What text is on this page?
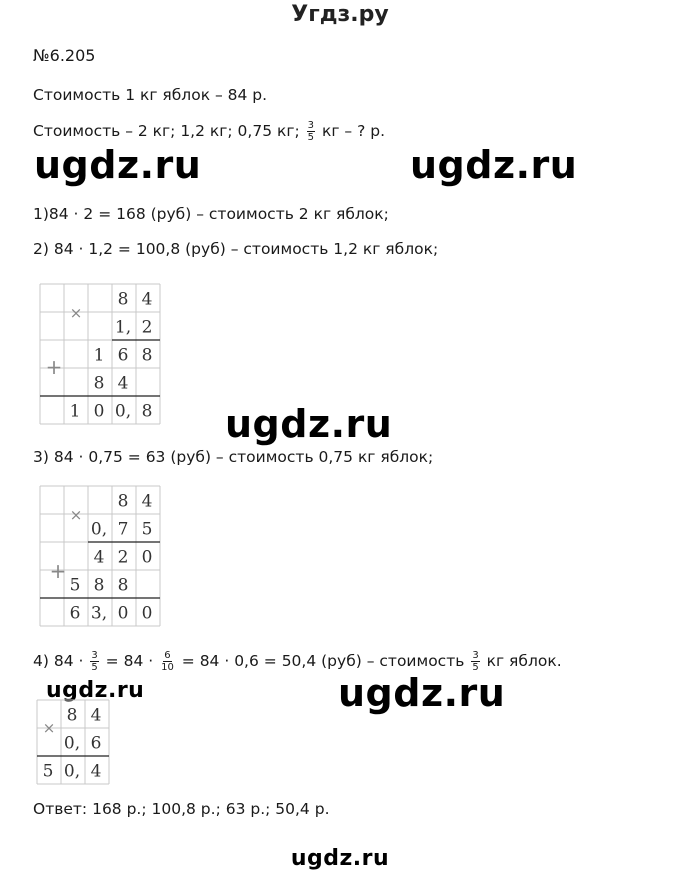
Угдз.ру
№6.205
Стоимость 1 кг яблок – 84 р.
Стоимость – 2 кг; 1,2 кг; 0,75 кг; $\frac{3}{5}$ кг – ? р.
ugdz.ru	ugdz.ru
1)84 · 2 = 168 (руб) – стоимость 2 кг яблок;
2) 84 · 1,2 = 100,8 (руб) – стоимость 1,2 кг яблок;
8 4
1, 2
1 6 8
8 4
1 0 0, 8
×
+
ugdz.ru
3) 84 · 0,75 = 63 (руб) – стоимость 0,75 кг яблок;
8 4
0, 7 5
4 2 0
5 8 8
6 3, 0 0
×
+
4) $84 \cdot \frac{3}{5} = 84 \cdot \frac{6}{10} = 84 \cdot 0,6 = 50,4$ (руб) – стоимость $\frac{3}{5}$ кг яблок.
ugdz.ru	ugdz.ru
8 4
0, 6
5 0, 4
×
Ответ: 168 р.; 100,8 р.; 63 р.; 50,4 р.
ugdz.ru
